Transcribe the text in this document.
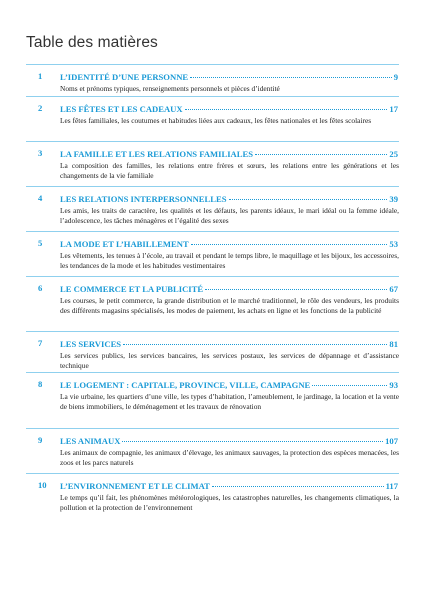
Table des matières
1 L’IDENTITÉ D’UNE PERSONNE	9
Noms et prénoms typiques, renseignements personnels et pièces d’identité
2 LES FÊTES ET LES CADEAUX	17
Les fêtes familiales, les coutumes et habitudes liées aux cadeaux, les fêtes nationales et les fêtes scolaires
3 LA FAMILLE ET LES RELATIONS FAMILIALES	25
La composition des familles, les relations entre frères et sœurs, les relations entre les générations et les changements de la vie familiale
4 LES RELATIONS INTERPERSONNELLES	39
Les amis, les traits de caractère, les qualités et les défauts, les parents idéaux, le mari idéal ou la femme idéale, l’adolescence, les tâches ménagères et l’égalité des sexes
5 LA MODE ET L’HABILLEMENT	53
Les vêtements, les tenues à l’école, au travail et pendant le temps libre, le maquillage et les bijoux, les accessoires, les tendances de la mode et les habitudes vestimentaires
6 LE COMMERCE ET LA PUBLICITÉ	67
Les courses, le petit commerce, la grande distribution et le marché traditionnel, le rôle des vendeurs, les produits des différents magasins spécialisés, les modes de paiement, les achats en ligne et les fonctions de la publicité
7 LES SERVICES	81
Les services publics, les services bancaires, les services postaux, les services de dépannage et d’assistance technique
8 LE LOGEMENT : CAPITALE, PROVINCE, VILLE, CAMPAGNE	93
La vie urbaine, les quartiers d’une ville, les types d’habitation, l’ameublement, le jardinage, la location et la vente de biens immobiliers, le déménagement et les travaux de rénovation
9 LES ANIMAUX	107
Les animaux de compagnie, les animaux d’élevage, les animaux sauvages, la protection des espèces menacées, les zoos et les parcs naturels
10 L’ENVIRONNEMENT ET LE CLIMAT	117
Le temps qu’il fait, les phénomènes météorologiques, les catastrophes naturelles, les changements climatiques, la pollution et la protection de l’environnement
